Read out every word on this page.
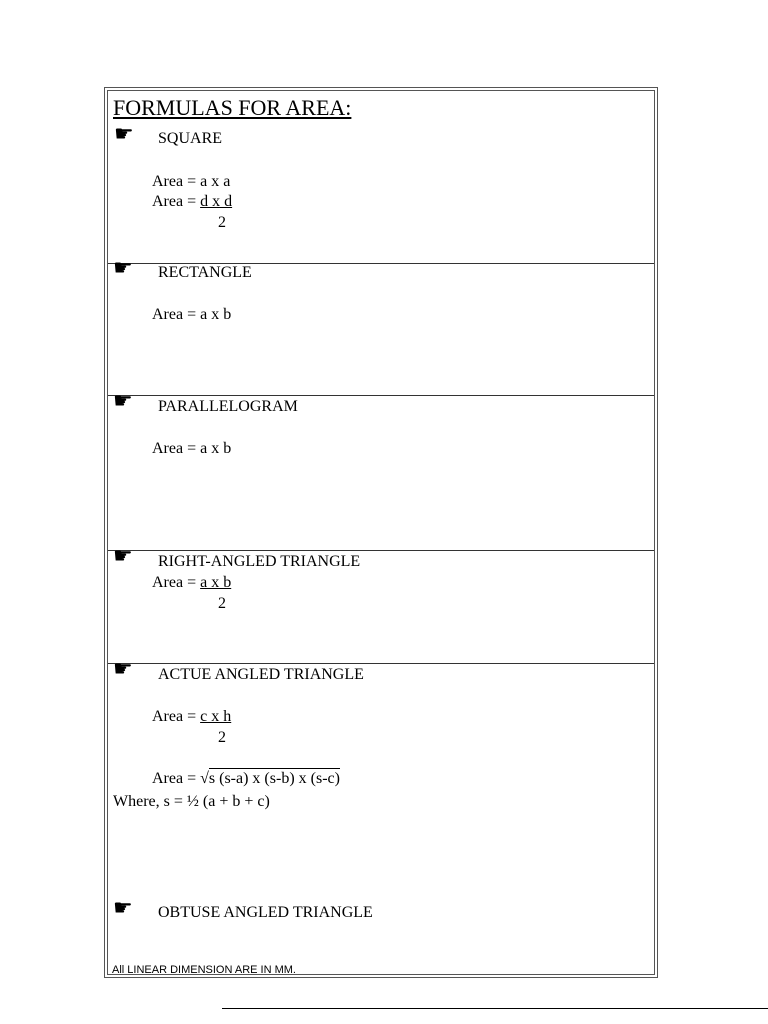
FORMULAS FOR AREA:
☛ SQUARE
Area = a x a
Area = d x d
2
☛ RECTANGLE
Area = a x b
☛ PARALLELOGRAM
Area = a x b
☛ RIGHT-ANGLED TRIANGLE
Area = a x b
2
☛ ACTUE ANGLED TRIANGLE
Area = c x h
2
Area = √s (s-a) x (s-b) x (s-c)
Where, s = ½ (a + b + c)
☛ OBTUSE ANGLED TRIANGLE
All LINEAR DIMENSION ARE IN MM.
